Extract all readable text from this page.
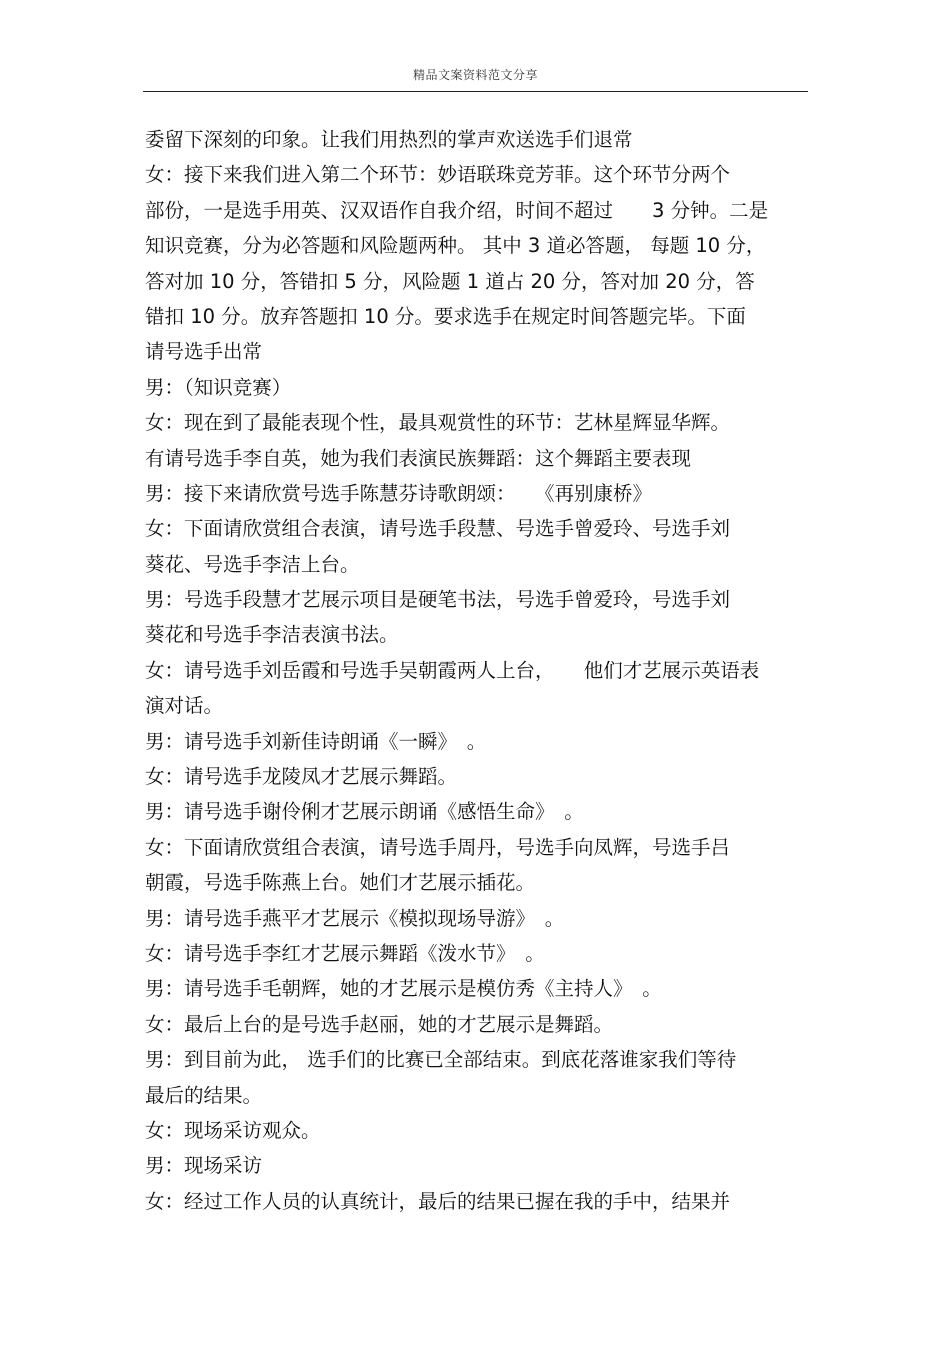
精品文案资料范文分享
委留下深刻的印象。让我们用热烈的掌声欢送选手们退常
女：接下来我们进入第二个环节：妙语联珠竞芳菲。这个环节分两个
部份，一是选手用英、汉双语作自我介绍，时间不超过　　3 分钟。二是
知识竞赛，分为必答题和风险题两种。 其中 3 道必答题， 每题 10 分，
答对加 10 分，答错扣 5 分，风险题 1 道占 20 分，答对加 20 分，答
错扣 10 分。放弃答题扣 10 分。要求选手在规定时间答题完毕。下面
请号选手出常
男：（知识竞赛）
女：现在到了最能表现个性，最具观赏性的环节：艺林星辉显华辉。
有请号选手李自英，她为我们表演民族舞蹈：这个舞蹈主要表现
男：接下来请欣赏号选手陈慧芬诗歌朗颂：　　《再别康桥》
女：下面请欣赏组合表演，请号选手段慧、号选手曾爱玲、号选手刘
葵花、号选手李洁上台。
男：号选手段慧才艺展示项目是硬笔书法，号选手曾爱玲，号选手刘
葵花和号选手李洁表演书法。
女：请号选手刘岳霞和号选手吴朝霞两人上台，　　他们才艺展示英语表
演对话。
男：请号选手刘新佳诗朗诵《一瞬》　。
女：请号选手龙陵凤才艺展示舞蹈。
男：请号选手谢伶俐才艺展示朗诵《感悟生命》　。
女：下面请欣赏组合表演，请号选手周丹，号选手向凤辉，号选手吕
朝霞，号选手陈燕上台。她们才艺展示插花。
男：请号选手燕平才艺展示《模拟现场导游》　。
女：请号选手李红才艺展示舞蹈《泼水节》　。
男：请号选手毛朝辉，她的才艺展示是模仿秀《主持人》　。
女：最后上台的是号选手赵丽，她的才艺展示是舞蹈。
男：到目前为此， 选手们的比赛已全部结束。到底花落谁家我们等待
最后的结果。
女：现场采访观众。
男：现场采访
女：经过工作人员的认真统计，最后的结果已握在我的手中，结果并
